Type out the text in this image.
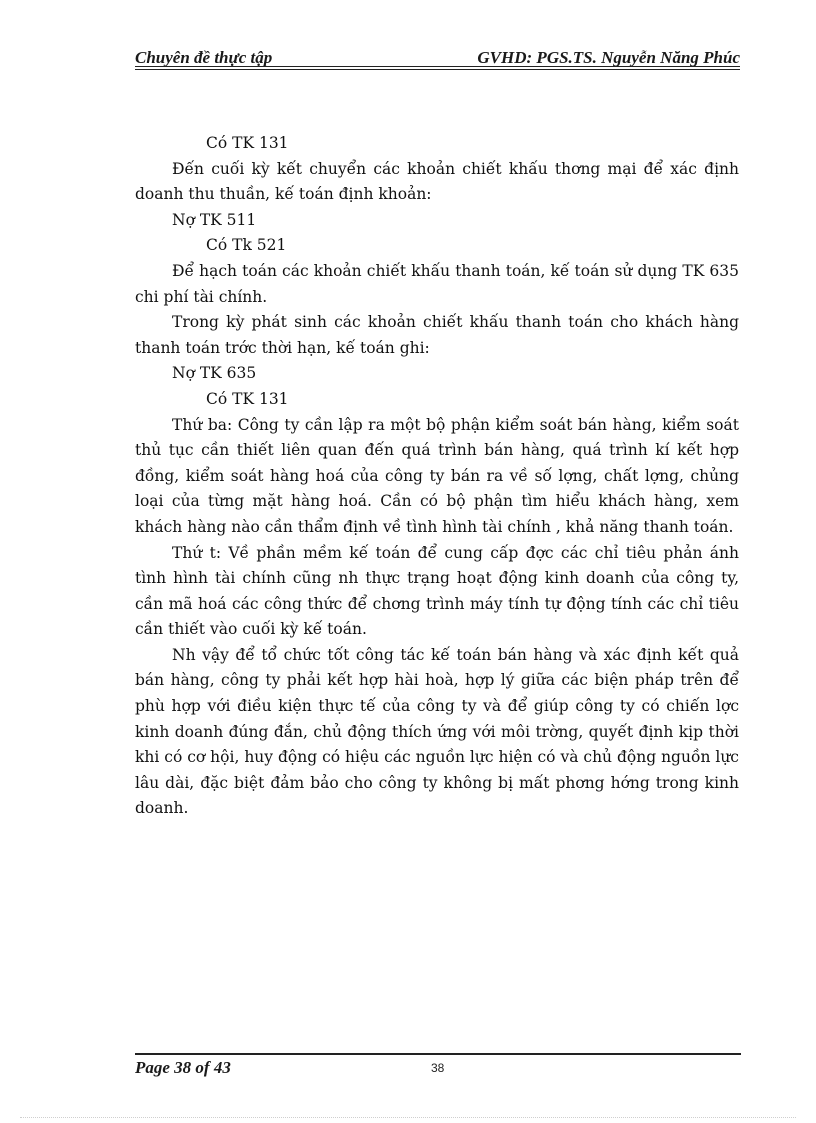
Chuyên đề thực tập	GVHD: PGS.TS. Nguyễn Năng Phúc

Có TK 131

Đến cuối kỳ kết chuyển các khoản chiết khấu thơng mại để xác định doanh thu thuần, kế toán định khoản:

Nợ TK 511

Có Tk 521

Để hạch toán các khoản chiết khấu thanh toán, kế toán sử dụng TK 635 chi phí tài chính.

Trong kỳ phát sinh các khoản chiết khấu thanh toán cho khách hàng thanh toán trớc thời hạn, kế toán ghi:

Nợ TK 635

Có TK 131

Thứ ba: Công ty cần lập ra một bộ phận kiểm soát bán hàng, kiểm soát thủ tục cần thiết liên quan đến quá trình bán hàng, quá trình kí kết hợp đồng, kiểm soát hàng hoá của công ty bán ra về số lợng, chất lợng, chủng loại của từng mặt hàng hoá. Cần có bộ phận tìm hiểu khách hàng, xem khách hàng nào cần thẩm định về tình hình tài chính , khả năng thanh toán.

Thứ t: Về phần mềm kế toán để cung cấp đợc các chỉ tiêu phản ánh tình hình tài chính cũng nh thực trạng hoạt động kinh doanh của công ty, cần mã hoá các công thức để chơng trình máy tính tự động tính các chỉ tiêu cần thiết vào cuối kỳ kế toán.

Nh vậy để tổ chức tốt công tác kế toán bán hàng và xác định kết quả bán hàng, công ty phải kết hợp hài hoà, hợp lý giữa các biện pháp trên để phù hợp với điều kiện thực tế của công ty và để giúp công ty có chiến lợc kinh doanh đúng đắn, chủ động thích ứng với môi trờng, quyết định kịp thời khi có cơ hội, huy động có hiệu các nguồn lực hiện có và chủ động nguồn lực lâu dài, đặc biệt đảm bảo cho công ty không bị mất phơng hớng trong kinh doanh.

Page 38 of 43	38
